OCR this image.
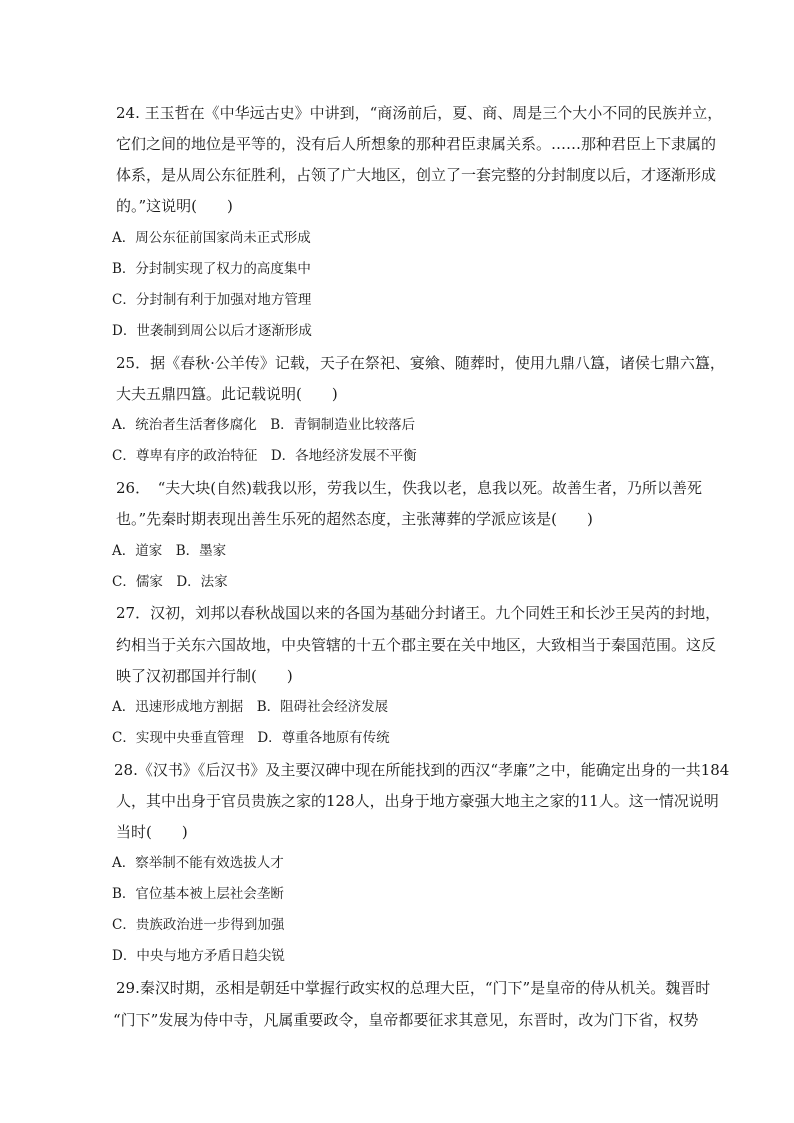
24. 王玉哲在《中华远古史》中讲到，“商汤前后，夏、商、周是三个大小不同的民族并立，
它们之间的地位是平等的，没有后人所想象的那种君臣隶属关系。……那种君臣上下隶属的
体系，是从周公东征胜利，占领了广大地区，创立了一套完整的分封制度以后，才逐渐形成
的。”这说明(　　)
A．周公东征前国家尚未正式形成
B．分封制实现了权力的高度集中
C．分封制有利于加强对地方管理
D．世袭制到周公以后才逐渐形成
25．据《春秋·公羊传》记载，天子在祭祀、宴飨、随葬时，使用九鼎八簋，诸侯七鼎六簋，
大夫五鼎四簋。此记载说明(　　)
A．统治者生活奢侈腐化　B．青铜制造业比较落后
C．尊卑有序的政治特征　D．各地经济发展不平衡
26．　“夫大块(自然)载我以形，劳我以生，佚我以老，息我以死。故善生者，乃所以善死
也。”先秦时期表现出善生乐死的超然态度，主张薄葬的学派应该是(　　)
A．道家　B．墨家
C．儒家　D．法家
27．汉初，刘邦以春秋战国以来的各国为基础分封诸王。九个同姓王和长沙王吴芮的封地，
约相当于关东六国故地，中央管辖的十五个郡主要在关中地区，大致相当于秦国范围。这反
映了汉初郡国并行制(　　)
A．迅速形成地方割据　B．阻碍社会经济发展
C．实现中央垂直管理　D．尊重各地原有传统
28.《汉书》《后汉书》及主要汉碑中现在所能找到的西汉“孝廉”之中，能确定出身的一共184
人，其中出身于官员贵族之家的128人，出身于地方豪强大地主之家的11人。这一情况说明
当时(　　)
A．察举制不能有效选拔人才
B．官位基本被上层社会垄断
C．贵族政治进一步得到加强
D．中央与地方矛盾日趋尖锐
29.秦汉时期，丞相是朝廷中掌握行政实权的总理大臣，“门下”是皇帝的侍从机关。魏晋时
“门下”发展为侍中寺，凡属重要政令，皇帝都要征求其意见，东晋时，改为门下省，权势
